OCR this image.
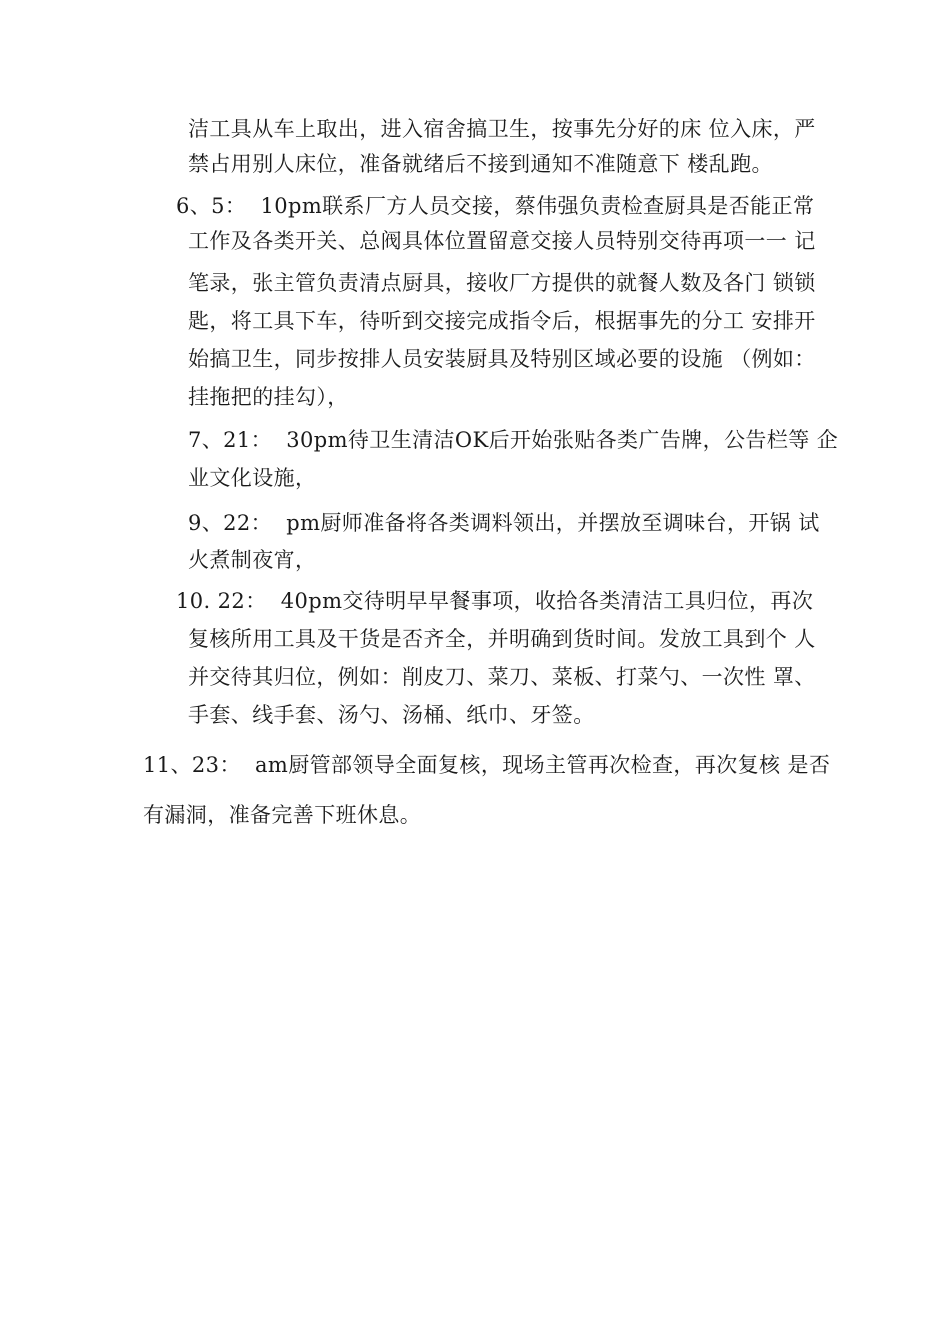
洁工具从车上取出，进入宿舍搞卫生，按事先分好的床 位入床，严
禁占用别人床位，准备就绪后不接到通知不准随意下 楼乱跑。
6、5：  10pm联系厂方人员交接，蔡伟强负责检查厨具是否能正常
工作及各类开关、总阀具体位置留意交接人员特别交待再项一一 记
笔录，张主管负责清点厨具，接收厂方提供的就餐人数及各门 锁锁
匙，将工具下车，待听到交接完成指令后，根据事先的分工 安排开
始搞卫生，同步按排人员安装厨具及特别区域必要的设施 （例如：
挂拖把的挂勾），
7、21：  30pm待卫生清洁OK后开始张贴各类广告牌，公告栏等 企
业文化设施，
9、22：  pm厨师准备将各类调料领出，并摆放至调味台，开锅 试
火煮制夜宵，
10. 22：  40pm交待明早早餐事项，收拾各类清洁工具归位，再次
复核所用工具及干货是否齐全，并明确到货时间。发放工具到个 人
并交待其归位，例如：削皮刀、菜刀、菜板、打菜勺、一次性 罩、
手套、线手套、汤勺、汤桶、纸巾、牙签。
11、23：  am厨管部领导全面复核，现场主管再次检查，再次复核 是否
有漏洞，准备完善下班休息。
